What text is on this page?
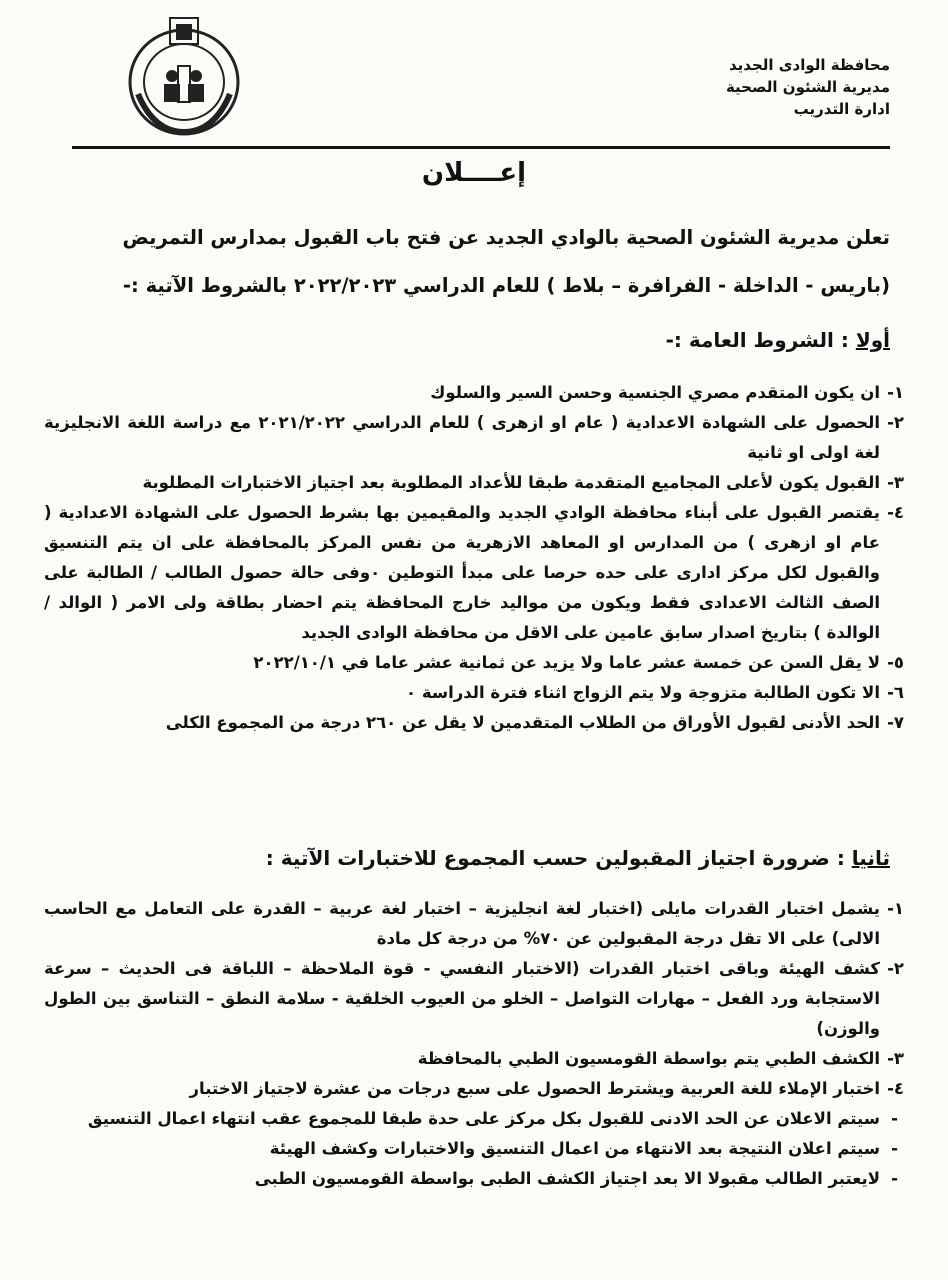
محافظة الوادى الجديد
مديرية الشئون الصحية
ادارة التدريب
إعــــلان
تعلن مديرية الشئون الصحية بالوادي الجديد عن فتح باب القبول بمدارس التمريض
(باريس - الداخلة - الفرافرة – بلاط ) للعام الدراسي ٢٠٢٢/٢٠٢٣ بالشروط الآتية :-
أولا : الشروط العامة :-
١-
ان يكون المتقدم مصري الجنسية وحسن السير والسلوك
٢-
الحصول على الشهادة الاعدادية ( عام او ازهرى ) للعام الدراسي ٢٠٢١/٢٠٢٢ مع دراسة اللغة الانجليزية لغة اولى او ثانية
٣-
القبول يكون لأعلى المجاميع المتقدمة طبقا للأعداد المطلوبة بعد اجتياز الاختبارات المطلوبة
٤-
يقتصر القبول على أبناء محافظة الوادي الجديد والمقيمين بها بشرط الحصول على الشهادة الاعدادية ( عام او ازهرى ) من المدارس او المعاهد الازهرية من نفس المركز بالمحافظة على ان يتم التنسيق والقبول لكل مركز ادارى على حده حرصا على مبدأ التوطين ٠وفى حالة حصول الطالب / الطالبة على الصف الثالث الاعدادى فقط ويكون من مواليد خارج المحافظة يتم احضار بطاقة ولى الامر ( الوالد / الوالدة ) بتاريخ اصدار سابق عامين على الاقل من محافظة الوادى الجديد
٥-
لا يقل السن عن خمسة عشر عاما ولا يزيد عن ثمانية عشر عاما في ٢٠٢٢/١٠/١
٦-
الا تكون الطالبة متزوجة ولا يتم الزواج اثناء فترة الدراسة ٠
٧-
الحد الأدنى لقبول الأوراق من الطلاب المتقدمين لا يقل عن ٢٦٠ درجة من المجموع الكلى
ثانيا : ضرورة اجتياز المقبولين حسب المجموع للاختبارات الآتية :
١-
يشمل اختبار القدرات مايلى (اختبار لغة انجليزية – اختبار لغة عربية – القدرة على التعامل مع الحاسب الالى) على الا تقل درجة المقبولين عن ٧٠% من درجة كل مادة
٢-
كشف الهيئة وباقى اختبار القدرات (الاختبار النفسي - قوة الملاحظة – اللباقة فى الحديث – سرعة الاستجابة ورد الفعل – مهارات التواصل – الخلو من العيوب الخلقية - سلامة النطق – التناسق بين الطول والوزن)
٣-
الكشف الطبي يتم بواسطة القومسيون الطبي بالمحافظة
٤-
اختبار الإملاء للغة العربية ويشترط الحصول على سبع درجات من عشرة لاجتياز الاختبار
-
سيتم الاعلان عن الحد الادنى للقبول بكل مركز على حدة طبقا للمجموع عقب انتهاء اعمال التنسيق
-
سيتم اعلان النتيجة بعد الانتهاء من اعمال التنسيق والاختبارات وكشف الهيئة
-
لايعتبر الطالب مقبولا الا بعد اجتياز الكشف الطبى بواسطة القومسيون الطبى
